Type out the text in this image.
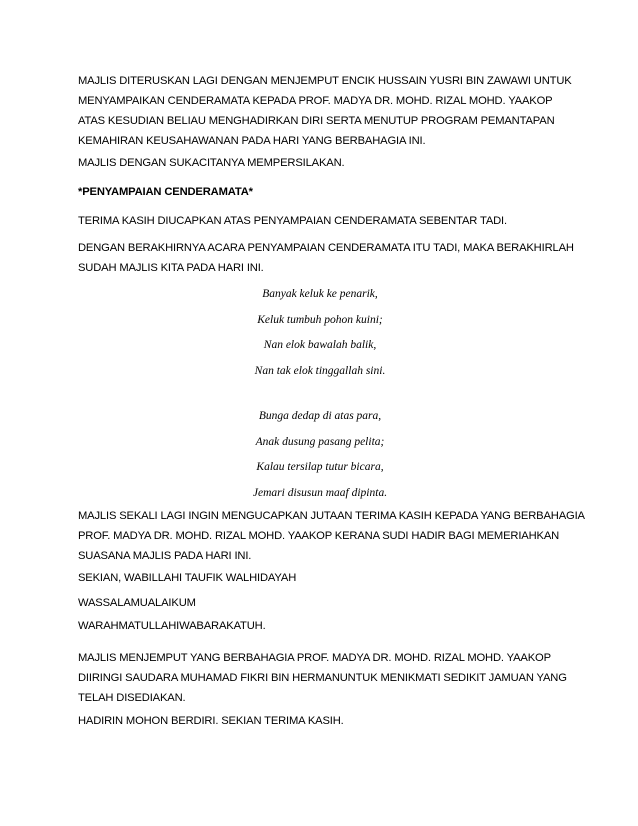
MAJLIS DITERUSKAN LAGI DENGAN MENJEMPUT ENCIK HUSSAIN YUSRI BIN ZAWAWI UNTUK
MENYAMPAIKAN CENDERAMATA KEPADA PROF. MADYA DR. MOHD. RIZAL MOHD. YAAKOP
ATAS KESUDIAN BELIAU MENGHADIRKAN DIRI SERTA MENUTUP PROGRAM PEMANTAPAN
KEMAHIRAN KEUSAHAWANAN PADA HARI YANG BERBAHAGIA INI.
MAJLIS DENGAN SUKACITANYA MEMPERSILAKAN.
*PENYAMPAIAN CENDERAMATA*
TERIMA KASIH DIUCAPKAN ATAS PENYAMPAIAN CENDERAMATA SEBENTAR TADI.
DENGAN BERAKHIRNYA ACARA PENYAMPAIAN CENDERAMATA ITU TADI, MAKA BERAKHIRLAH
SUDAH MAJLIS KITA PADA HARI INI.
Banyak keluk ke penarik,
Keluk tumbuh pohon kuini;
Nan elok bawalah balik,
Nan tak elok tinggallah sini.
Bunga dedap di atas para,
Anak dusung pasang pelita;
Kalau tersilap tutur bicara,
Jemari disusun maaf dipinta.
MAJLIS SEKALI LAGI INGIN MENGUCAPKAN JUTAAN TERIMA KASIH KEPADA YANG BERBAHAGIA
PROF. MADYA DR. MOHD. RIZAL MOHD. YAAKOP KERANA SUDI HADIR BAGI MEMERIAHKAN
SUASANA MAJLIS PADA HARI INI.
SEKIAN, WABILLAHI TAUFIK WALHIDAYAH
WASSALAMUALAIKUM
WARAHMATULLAHIWABARAKATUH.
MAJLIS MENJEMPUT YANG BERBAHAGIA PROF. MADYA DR. MOHD. RIZAL MOHD. YAAKOP
DIIRINGI SAUDARA MUHAMAD FIKRI BIN HERMANUNTUK MENIKMATI SEDIKIT JAMUAN YANG
TELAH DISEDIAKAN.
HADIRIN MOHON BERDIRI. SEKIAN TERIMA KASIH.
